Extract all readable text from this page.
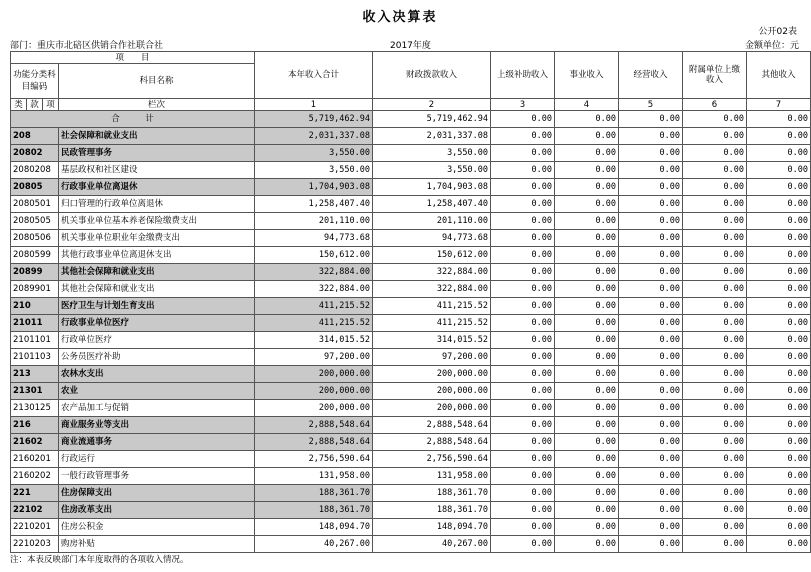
收入决算表
公开02表
部门：重庆市北碚区供销合作社联合社	2017年度	金额单位：元
项　　目				本年收入合计	财政拨款收入	上级补助收入	事业收入	经营收入	附属单位上缴收入	其他收入
功能分类科目编码			科目名称							
类	款	项								
			栏次	1	2	3	4	5	6	7
合　　　计				5,719,462.94	5,719,462.94	0.00	0.00	0.00	0.00	0.00
208			社会保障和就业支出	2,031,337.08	2,031,337.08	0.00	0.00	0.00	0.00	0.00
20802			民政管理事务	3,550.00	3,550.00	0.00	0.00	0.00	0.00	0.00
2080208			基层政权和社区建设	3,550.00	3,550.00	0.00	0.00	0.00	0.00	0.00
20805			行政事业单位离退休	1,704,903.08	1,704,903.08	0.00	0.00	0.00	0.00	0.00
2080501			归口管理的行政单位离退休	1,258,407.40	1,258,407.40	0.00	0.00	0.00	0.00	0.00
2080505			机关事业单位基本养老保险缴费支出	201,110.00	201,110.00	0.00	0.00	0.00	0.00	0.00
2080506			机关事业单位职业年金缴费支出	94,773.68	94,773.68	0.00	0.00	0.00	0.00	0.00
2080599			其他行政事业单位离退休支出	150,612.00	150,612.00	0.00	0.00	0.00	0.00	0.00
20899			其他社会保障和就业支出	322,884.00	322,884.00	0.00	0.00	0.00	0.00	0.00
2089901			其他社会保障和就业支出	322,884.00	322,884.00	0.00	0.00	0.00	0.00	0.00
210			医疗卫生与计划生育支出	411,215.52	411,215.52	0.00	0.00	0.00	0.00	0.00
21011			行政事业单位医疗	411,215.52	411,215.52	0.00	0.00	0.00	0.00	0.00
2101101			行政单位医疗	314,015.52	314,015.52	0.00	0.00	0.00	0.00	0.00
2101103			公务员医疗补助	97,200.00	97,200.00	0.00	0.00	0.00	0.00	0.00
213			农林水支出	200,000.00	200,000.00	0.00	0.00	0.00	0.00	0.00
21301			农业	200,000.00	200,000.00	0.00	0.00	0.00	0.00	0.00
2130125			农产品加工与促销	200,000.00	200,000.00	0.00	0.00	0.00	0.00	0.00
216			商业服务业等支出	2,888,548.64	2,888,548.64	0.00	0.00	0.00	0.00	0.00
21602			商业流通事务	2,888,548.64	2,888,548.64	0.00	0.00	0.00	0.00	0.00
2160201			行政运行	2,756,590.64	2,756,590.64	0.00	0.00	0.00	0.00	0.00
2160202			一般行政管理事务	131,958.00	131,958.00	0.00	0.00	0.00	0.00	0.00
221			住房保障支出	188,361.70	188,361.70	0.00	0.00	0.00	0.00	0.00
22102			住房改革支出	188,361.70	188,361.70	0.00	0.00	0.00	0.00	0.00
2210201			住房公积金	148,094.70	148,094.70	0.00	0.00	0.00	0.00	0.00
2210203			购房补贴	40,267.00	40,267.00	0.00	0.00	0.00	0.00	0.00
注：本表反映部门本年度取得的各项收入情况。
